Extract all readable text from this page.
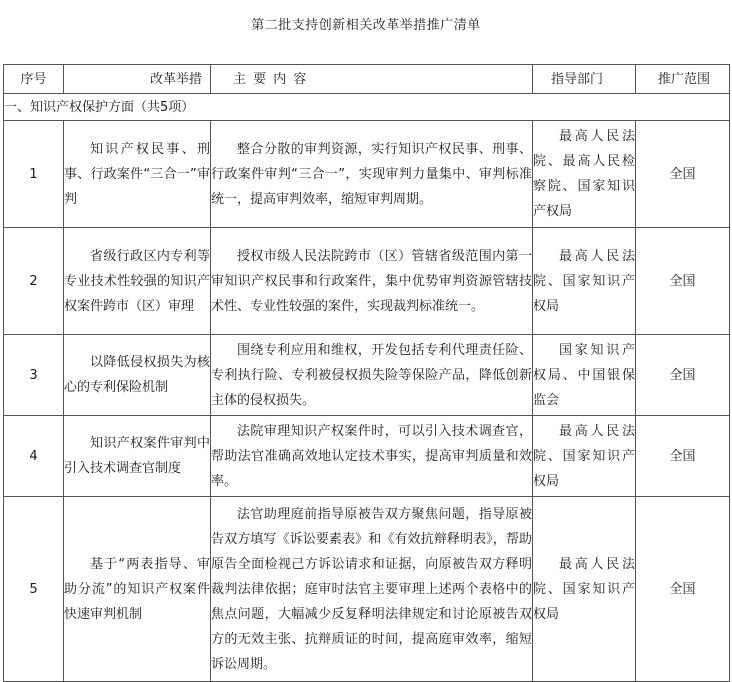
第二批支持创新相关改革举措推广清单
序号	改革举措	主 要 内 容	指导部门	推广范围
一、知识产权保护方面（共5项）				
1	知识产权民事、刑事、行政案件“三合一”审判	整合分散的审判资源，实行知识产权民事、刑事、行政案件审判“三合一”，实现审判力量集中、审判标准统一，提高审判效率，缩短审判周期。	最高人民法院、最高人民检察院、国家知识产权局	全国
2	省级行政区内专利等专业技术性较强的知识产权案件跨市（区）审理	授权市级人民法院跨市（区）管辖省级范围内第一审知识产权民事和行政案件，集中优势审判资源管辖技术性、专业性较强的案件，实现裁判标准统一。	最高人民法院、国家知识产权局	全国
3	以降低侵权损失为核心的专利保险机制	围绕专利应用和维权，开发包括专利代理责任险、专利执行险、专利被侵权损失险等保险产品，降低创新主体的侵权损失。	国家知识产权局、中国银保监会	全国
4	知识产权案件审判中引入技术调查官制度	法院审理知识产权案件时，可以引入技术调查官，帮助法官准确高效地认定技术事实，提高审判质量和效率。	最高人民法院、国家知识产权局	全国
5	基于“两表指导、审助分流”的知识产权案件快速审判机制	法官助理庭前指导原被告双方聚焦问题，指导原被告双方填写《诉讼要素表》和《有效抗辩释明表》，帮助原告全面检视己方诉讼请求和证据，向原被告双方释明裁判法律依据；庭审时法官主要审理上述两个表格中的焦点问题，大幅减少反复释明法律规定和讨论原被告双方的无效主张、抗辩质证的时间，提高庭审效率，缩短诉讼周期。	最高人民法院、国家知识产权局	全国
